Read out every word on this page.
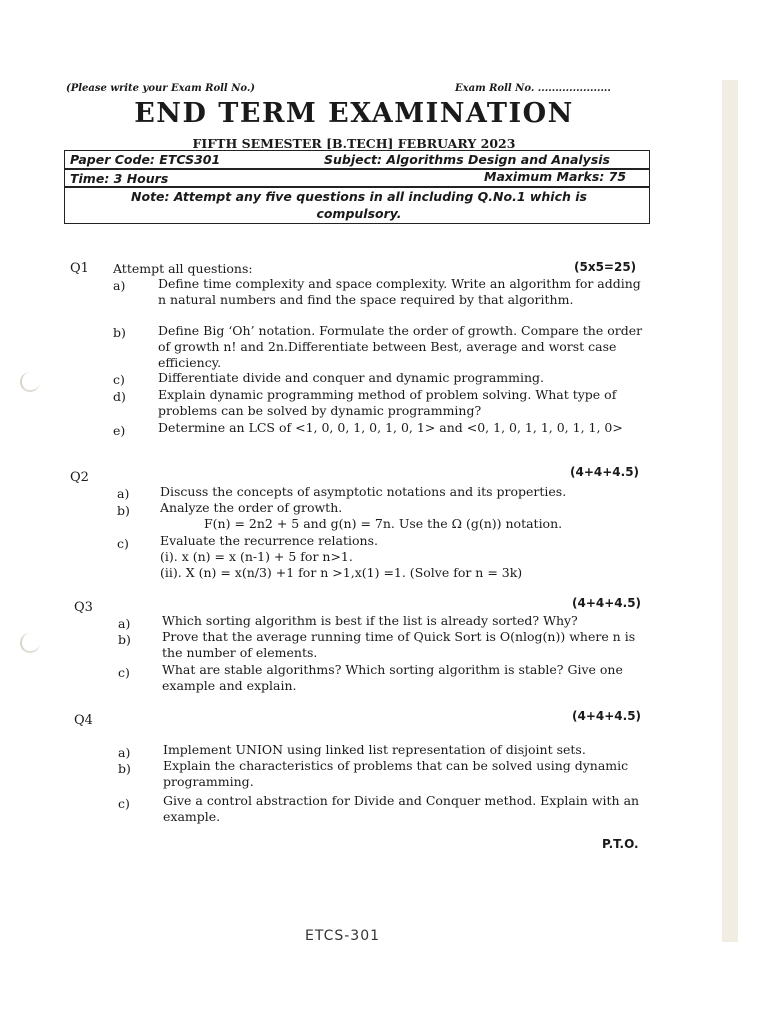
(Please write your Exam Roll No.)	Exam Roll No. .....................
END TERM EXAMINATION
FIFTH SEMESTER [B.TECH] FEBRUARY 2023
Paper Code: ETCS301	Subject: Algorithms Design and Analysis
Time: 3 Hours	Maximum Marks: 75
Note: Attempt any five questions in all including Q.No.1 which is compulsory.
Q1 Attempt all questions:	(5x5=25)
a)	Define time complexity and space complexity. Write an algorithm for adding n natural numbers and find the space required by that algorithm.
b)	Define Big ‘Oh’ notation. Formulate the order of growth. Compare the order of growth n! and 2n.Differentiate between Best, average and worst case efficiency.
c)	Differentiate divide and conquer and dynamic programming.
d)	Explain dynamic programming method of problem solving. What type of problems can be solved by dynamic programming?
e)	Determine an LCS of <1, 0, 0, 1, 0, 1, 0, 1> and <0, 1, 0, 1, 1, 0, 1, 1, 0>
Q2	(4+4+4.5)
a) Discuss the concepts of asymptotic notations and its properties.
b) Analyze the order of growth.
F(n) = 2n2 + 5 and g(n) = 7n. Use the Ω (g(n)) notation.
c) Evaluate the recurrence relations.
(i). x (n) = x (n-1) + 5 for n>1.
(ii). X (n) = x(n/3) +1 for n >1,x(1) =1. (Solve for n = 3k)
Q3	(4+4+4.5)
a)	Which sorting algorithm is best if the list is already sorted? Why?
b) Prove that the average running time of Quick Sort is O(nlog(n)) where n is the number of elements.
c)	What are stable algorithms? Which sorting algorithm is stable? Give one example and explain.
Q4	(4+4+4.5)
a)	Implement UNION using linked list representation of disjoint sets.
b)	Explain the characteristics of problems that can be solved using dynamic programming.
c)	Give a control abstraction for Divide and Conquer method. Explain with an example.
P.T.O.
ETCS-301
